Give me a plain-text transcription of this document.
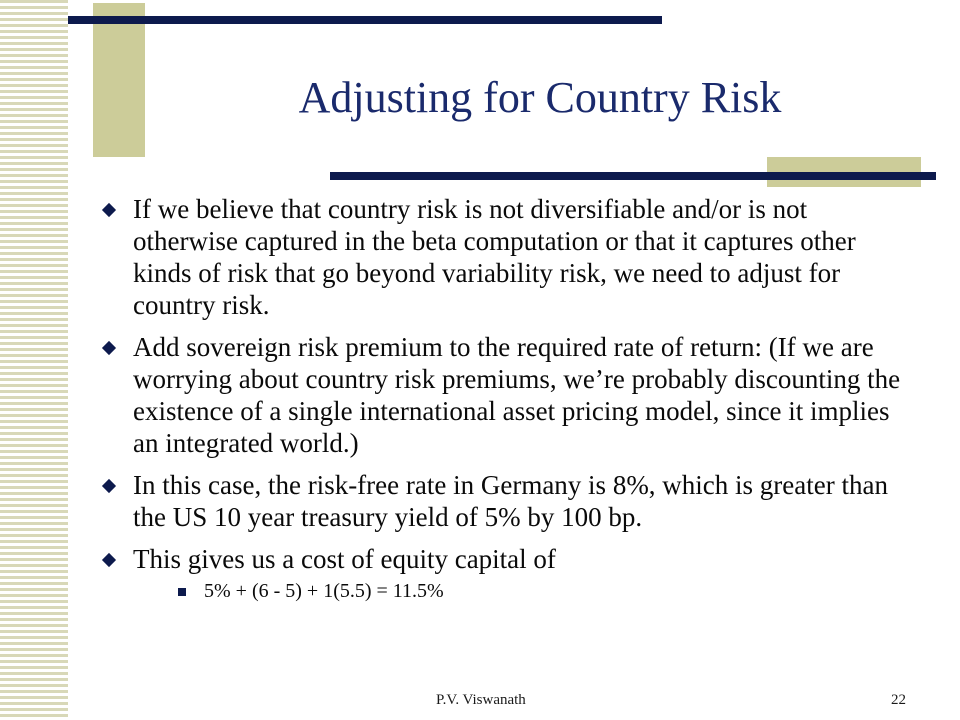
Adjusting for Country Risk
If we believe that country risk is not diversifiable and/or is not otherwise captured in the beta computation or that it captures other kinds of risk that go beyond variability risk, we need to adjust for country risk.
Add sovereign risk premium to the required rate of return: (If we are worrying about country risk premiums, we’re probably discounting the existence of a single international asset pricing model, since it implies an integrated world.)
In this case, the risk-free rate in Germany is 8%, which is greater than the US 10 year treasury yield of 5% by 100 bp.
This gives us a cost of equity capital of
5% + (6 - 5) + 1(5.5) = 11.5%
P.V. Viswanath	22
